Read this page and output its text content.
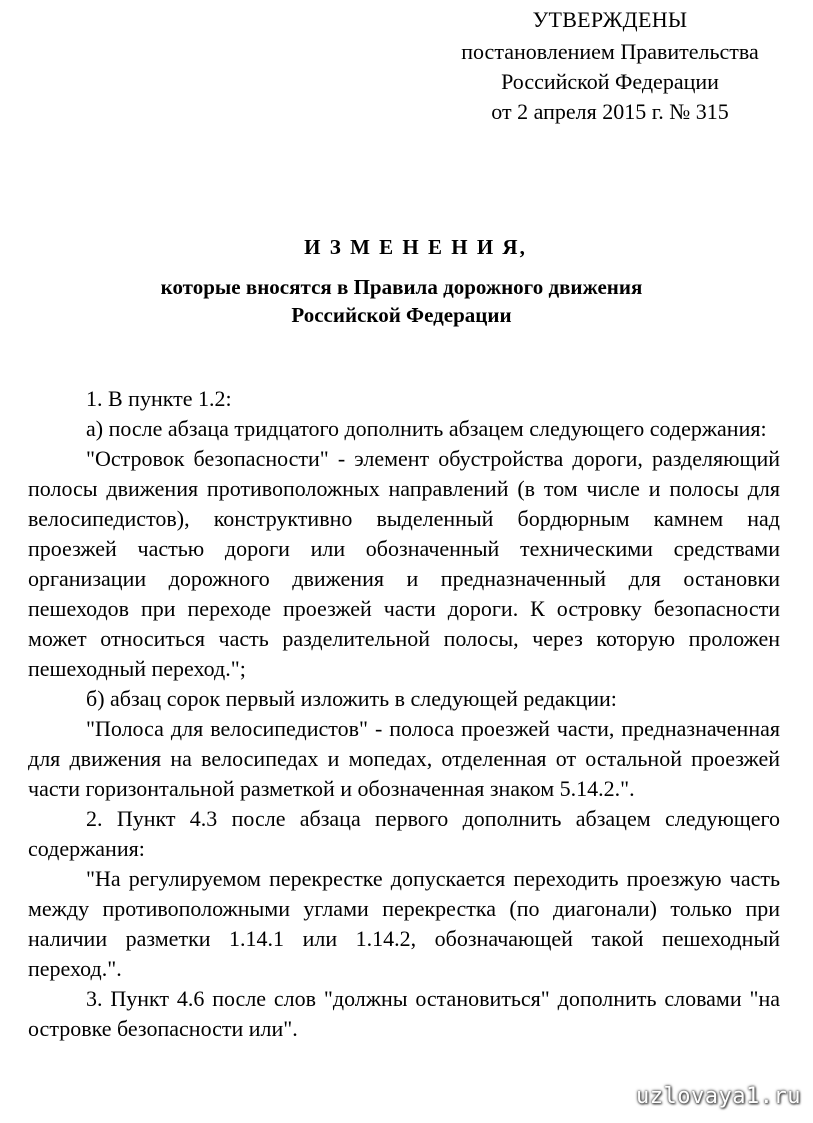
УТВЕРЖДЕНЫ
постановлением Правительства
Российской Федерации
от 2 апреля 2015 г. № 315
И З М Е Н Е Н И Я,
которые вносятся в Правила дорожного движения
Российской Федерации

1. В пункте 1.2:

а) после абзаца тридцатого дополнить абзацем следующего содержания:

"Островок безопасности" - элемент обустройства дороги, разделяющий полосы движения противоположных направлений (в том числе и полосы для велосипедистов), конструктивно выделенный бордюрным камнем над проезжей частью дороги или обозначенный техническими средствами организации дорожного движения и предназначенный для остановки пешеходов при переходе проезжей части дороги. К островку безопасности может относиться часть разделительной полосы, через которую проложен пешеходный переход.";

б) абзац сорок первый изложить в следующей редакции:

"Полоса для велосипедистов" - полоса проезжей части, предназначенная для движения на велосипедах и мопедах, отделенная от остальной проезжей части горизонтальной разметкой и обозначенная знаком 5.14.2.".

2. Пункт 4.3 после абзаца первого дополнить абзацем следующего содержания:

"На регулируемом перекрестке допускается переходить проезжую часть между противоположными углами перекрестка (по диагонали) только при наличии разметки 1.14.1 или 1.14.2, обозначающей такой пешеходный переход.".

3. Пункт 4.6 после слов "должны остановиться" дополнить словами "на островке безопасности или".

uzlovaya1.ru
